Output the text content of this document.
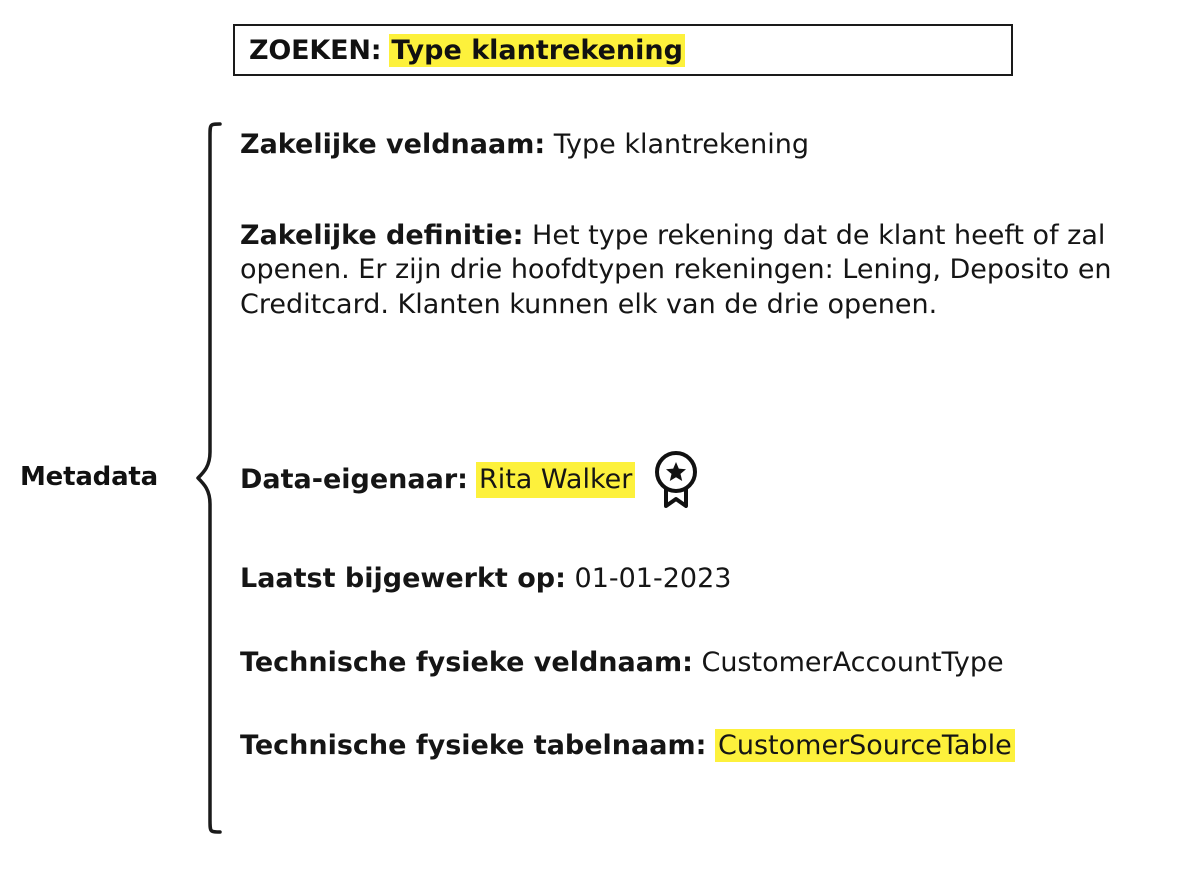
ZOEKEN: Type klantrekening
Metadata
Zakelijke veldnaam: Type klantrekening
Zakelijke definitie: Het type rekening dat de klant heeft of zal openen. Er zijn drie hoofdtypen rekeningen: Lening, Deposito en Creditcard. Klanten kunnen elk van de drie openen.
Data-eigenaar: Rita Walker
Laatst bijgewerkt op: 01-01-2023
Technische fysieke veldnaam: CustomerAccountType
Technische fysieke tabelnaam: CustomerSourceTable
